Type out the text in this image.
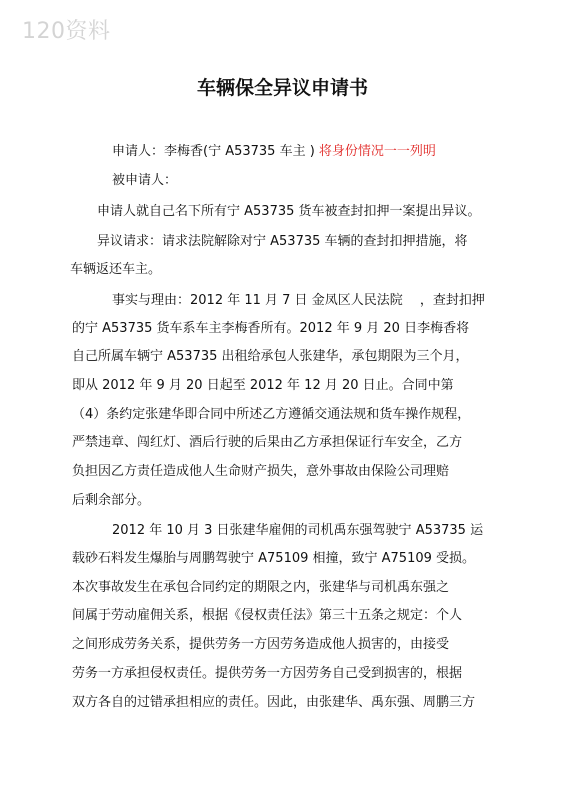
120资料
车辆保全异议申请书
申请人：李梅香(宁 A53735 车主 ) 将身份情况一一列明
被申请人：
申请人就自己名下所有宁 A53735 货车被查封扣押一案提出异议。
异议请求：请求法院解除对宁 A53735 车辆的查封扣押措施，将
车辆返还车主。
事实与理由：2012 年 11 月 7 日 金凤区人民法院　 ，查封扣押
的宁 A53735 货车系车主李梅香所有。2012 年 9 月 20 日李梅香将
自己所属车辆宁 A53735 出租给承包人张建华，承包期限为三个月，
即从 2012 年 9 月 20 日起至 2012 年 12 月 20 日止。合同中第
（4）条约定张建华即合同中所述乙方遵循交通法规和货车操作规程，
严禁违章、闯红灯、酒后行驶的后果由乙方承担保证行车安全，乙方
负担因乙方责任造成他人生命财产损失，意外事故由保险公司理赔
后剩余部分。
2012 年 10 月 3 日张建华雇佣的司机禹东强驾驶宁 A53735 运
载砂石料发生爆胎与周鹏驾驶宁 A75109 相撞，致宁 A75109 受损。
本次事故发生在承包合同约定的期限之内，张建华与司机禹东强之
间属于劳动雇佣关系，根据《侵权责任法》第三十五条之规定：个人
之间形成劳务关系，提供劳务一方因劳务造成他人损害的，由接受
劳务一方承担侵权责任。提供劳务一方因劳务自己受到损害的，根据
双方各自的过错承担相应的责任。因此，由张建华、禹东强、周鹏三方
